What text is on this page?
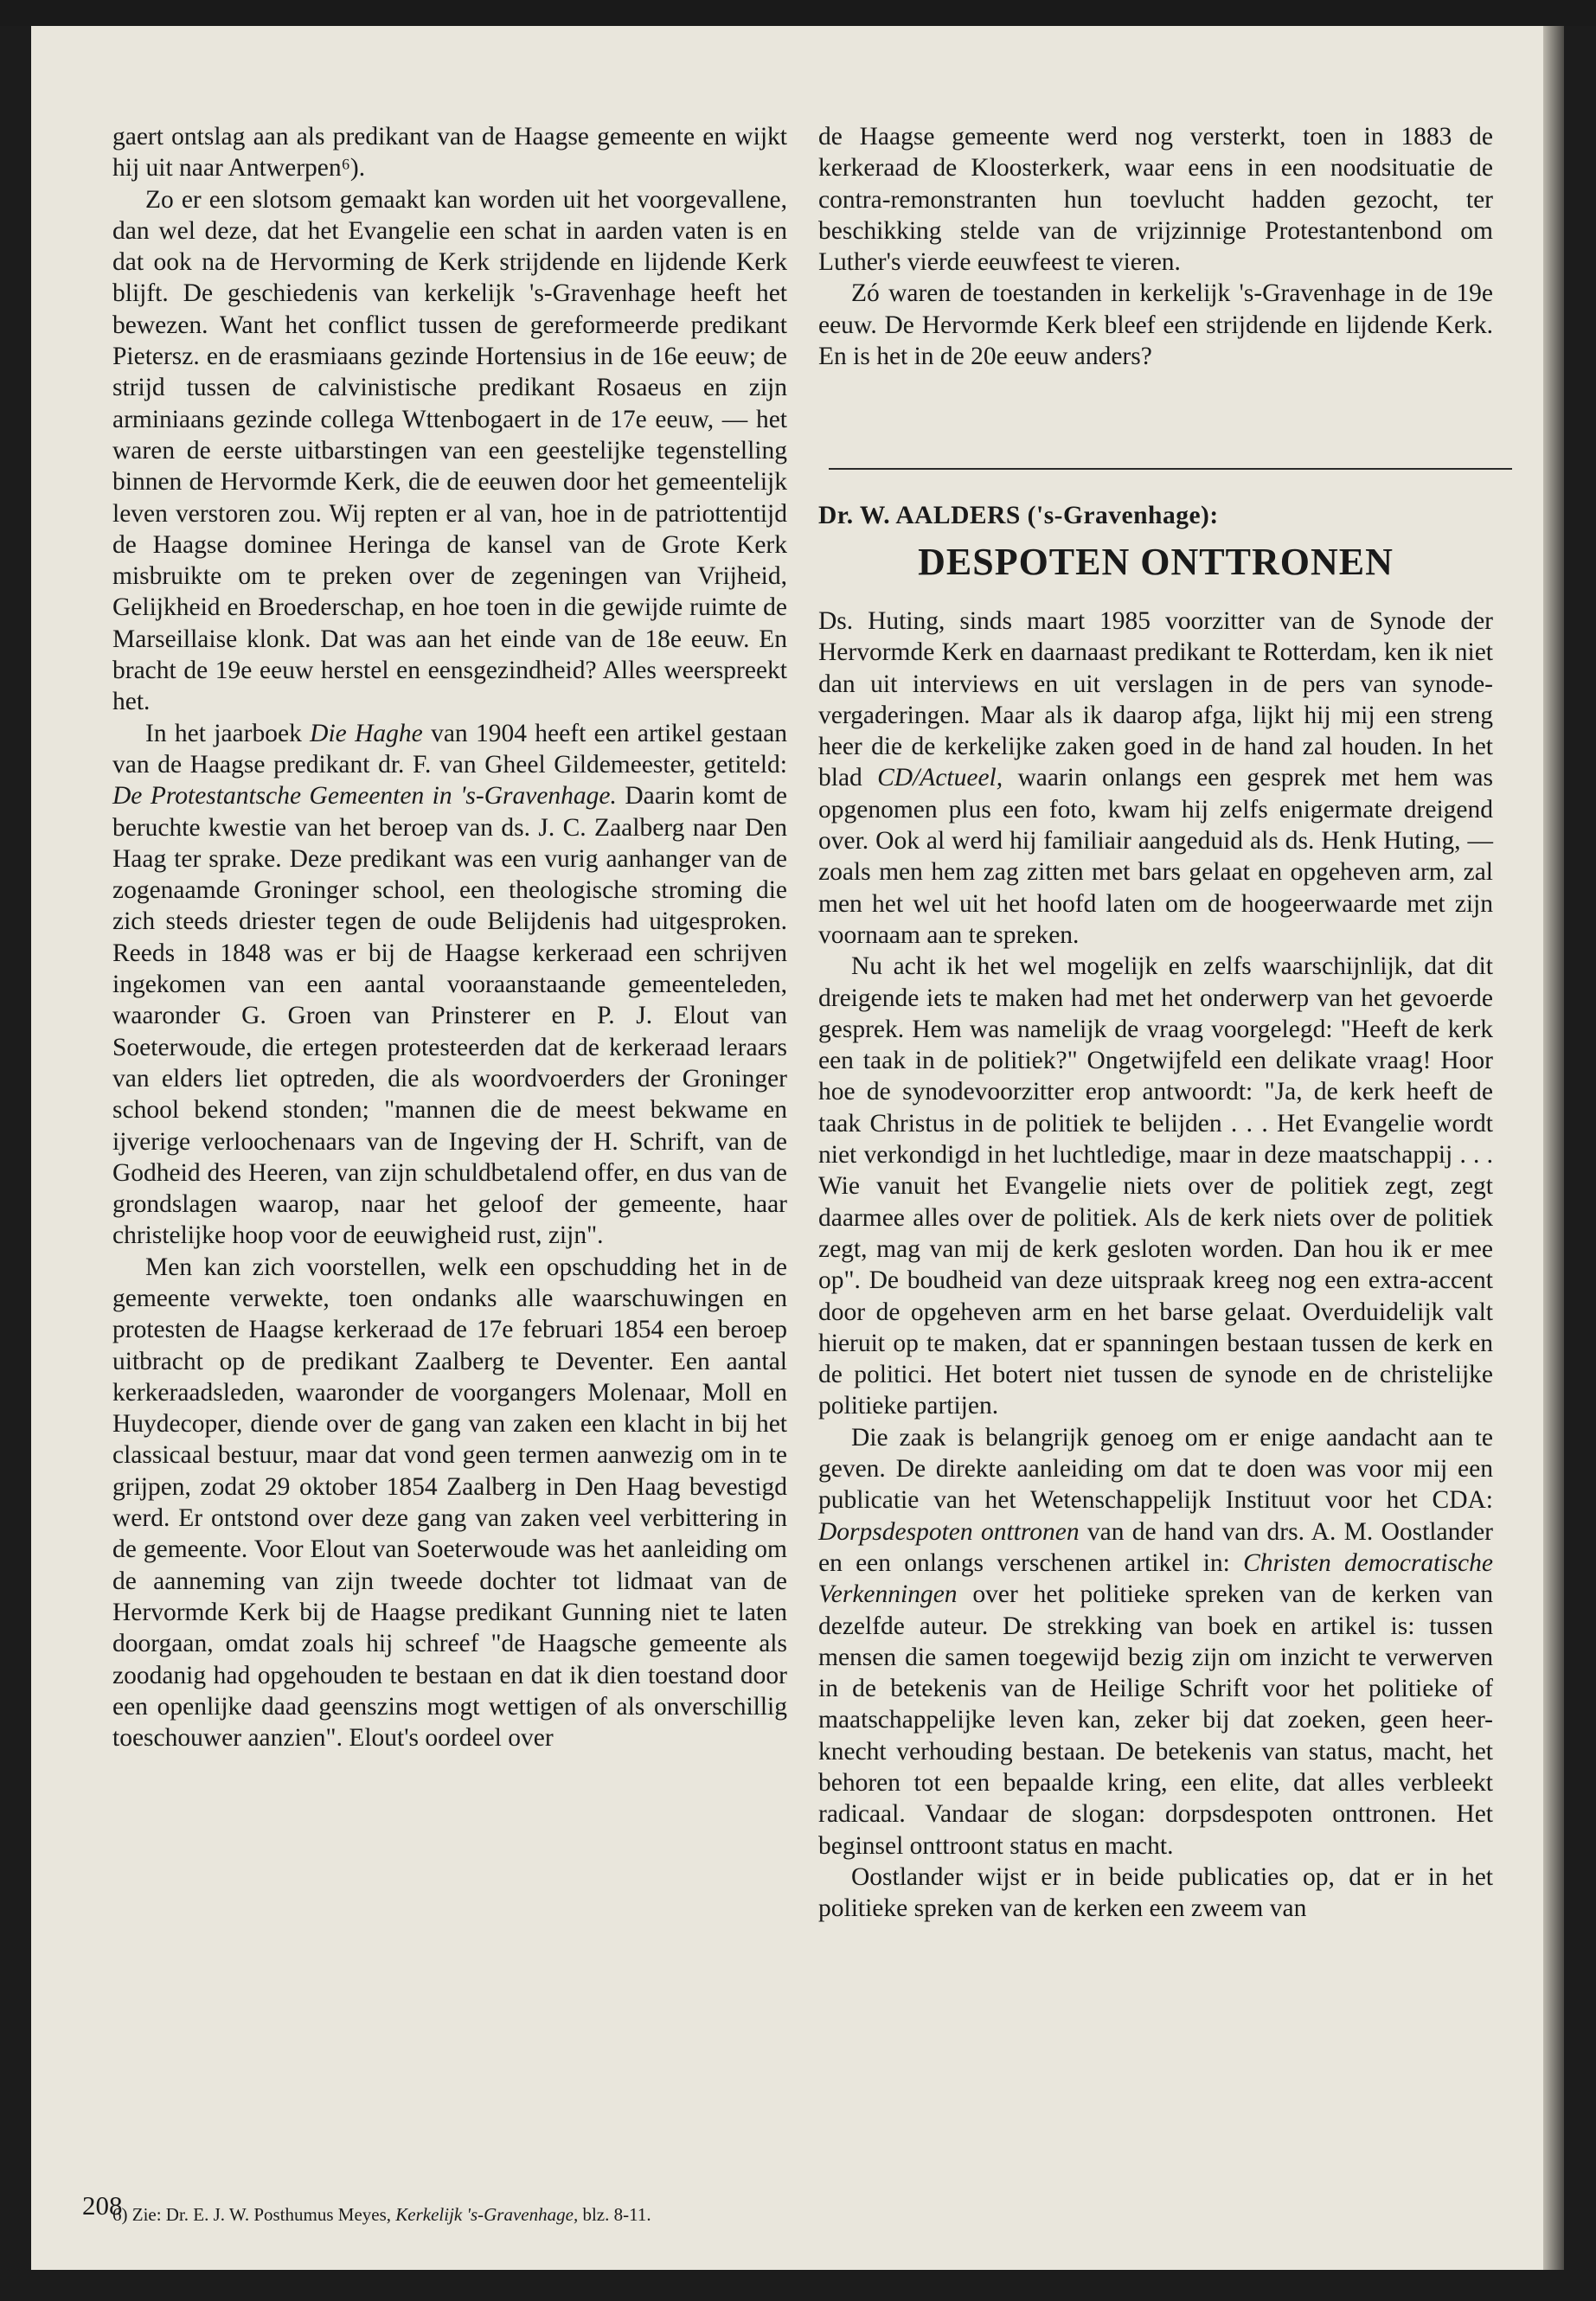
gaert ontslag aan als predikant van de Haagse gemeente en wijkt hij uit naar Antwerpen⁶).

Zo er een slotsom gemaakt kan worden uit het voorgevallene, dan wel deze, dat het Evangelie een schat in aarden vaten is en dat ook na de Hervorming de Kerk strijdende en lijdende Kerk blijft. De geschiedenis van kerkelijk 's-Gravenhage heeft het bewezen. Want het conflict tussen de gereformeerde predikant Pietersz. en de erasmiaans gezinde Hortensius in de 16e eeuw; de strijd tussen de calvinistische predikant Rosaeus en zijn arminiaans gezinde collega Wttenbogaert in de 17e eeuw, — het waren de eerste uitbarstingen van een geestelijke tegenstelling binnen de Hervormde Kerk, die de eeuwen door het gemeentelijk leven verstoren zou. Wij repten er al van, hoe in de patriottentijd de Haagse dominee Heringa de kansel van de Grote Kerk misbruikte om te preken over de zegeningen van Vrijheid, Gelijkheid en Broederschap, en hoe toen in die gewijde ruimte de Marseillaise klonk. Dat was aan het einde van de 18e eeuw. En bracht de 19e eeuw herstel en eensgezindheid? Alles weerspreekt het.

In het jaarboek Die Haghe van 1904 heeft een artikel gestaan van de Haagse predikant dr. F. van Gheel Gildemeester, getiteld: De Protestantsche Gemeenten in 's-Gravenhage. Daarin komt de beruchte kwestie van het beroep van ds. J. C. Zaalberg naar Den Haag ter sprake. Deze predikant was een vurig aanhanger van de zogenaamde Groninger school, een theologische stroming die zich steeds driester tegen de oude Belijdenis had uitgesproken. Reeds in 1848 was er bij de Haagse kerkeraad een schrijven ingekomen van een aantal vooraanstaande gemeenteleden, waaronder G. Groen van Prinsterer en P. J. Elout van Soeterwoude, die ertegen protesteerden dat de kerkeraad leraars van elders liet optreden, die als woordvoerders der Groninger school bekend stonden; "mannen die de meest bekwame en ijverige verloochenaars van de Ingeving der H. Schrift, van de Godheid des Heeren, van zijn schuldbetalend offer, en dus van de grondslagen waarop, naar het geloof der gemeente, haar christelijke hoop voor de eeuwigheid rust, zijn".

Men kan zich voorstellen, welk een opschudding het in de gemeente verwekte, toen ondanks alle waarschuwingen en protesten de Haagse kerkeraad de 17e februari 1854 een beroep uitbracht op de predikant Zaalberg te Deventer. Een aantal kerkeraadsleden, waaronder de voorgangers Molenaar, Moll en Huydecoper, diende over de gang van zaken een klacht in bij het classicaal bestuur, maar dat vond geen termen aanwezig om in te grijpen, zodat 29 oktober 1854 Zaalberg in Den Haag bevestigd werd. Er ontstond over deze gang van zaken veel verbittering in de gemeente. Voor Elout van Soeterwoude was het aanleiding om de aanneming van zijn tweede dochter tot lidmaat van de Hervormde Kerk bij de Haagse predikant Gunning niet te laten doorgaan, omdat zoals hij schreef "de Haagsche gemeente als zoodanig had opgehouden te bestaan en dat ik dien toestand door een openlijke daad geenszins mogt wettigen of als onverschillig toeschouwer aanzien". Elout's oordeel over

6) Zie: Dr. E. J. W. Posthumus Meyes, Kerkelijk 's-Gravenhage, blz. 8-11.
208

de Haagse gemeente werd nog versterkt, toen in 1883 de kerkeraad de Kloosterkerk, waar eens in een noodsituatie de contra-remonstranten hun toevlucht hadden gezocht, ter beschikking stelde van de vrijzinnige Protestantenbond om Luther's vierde eeuwfeest te vieren.

Zó waren de toestanden in kerkelijk 's-Gravenhage in de 19e eeuw. De Hervormde Kerk bleef een strijdende en lijdende Kerk. En is het in de 20e eeuw anders?

Dr. W. AALDERS ('s-Gravenhage):
DESPOTEN ONTTRONEN

Ds. Huting, sinds maart 1985 voorzitter van de Synode der Hervormde Kerk en daarnaast predikant te Rotterdam, ken ik niet dan uit interviews en uit verslagen in de pers van synode-vergaderingen. Maar als ik daarop afga, lijkt hij mij een streng heer die de kerkelijke zaken goed in de hand zal houden. In het blad CD/Actueel, waarin onlangs een gesprek met hem was opgenomen plus een foto, kwam hij zelfs enigermate dreigend over. Ook al werd hij familiair aangeduid als ds. Henk Huting, — zoals men hem zag zitten met bars gelaat en opgeheven arm, zal men het wel uit het hoofd laten om de hoogeerwaarde met zijn voornaam aan te spreken.

Nu acht ik het wel mogelijk en zelfs waarschijnlijk, dat dit dreigende iets te maken had met het onderwerp van het gevoerde gesprek. Hem was namelijk de vraag voorgelegd: "Heeft de kerk een taak in de politiek?" Ongetwijfeld een delikate vraag! Hoor hoe de synodevoorzitter erop antwoordt: "Ja, de kerk heeft de taak Christus in de politiek te belijden . . . Het Evangelie wordt niet verkondigd in het luchtledige, maar in deze maatschappij . . . Wie vanuit het Evangelie niets over de politiek zegt, zegt daarmee alles over de politiek. Als de kerk niets over de politiek zegt, mag van mij de kerk gesloten worden. Dan hou ik er mee op". De boudheid van deze uitspraak kreeg nog een extra-accent door de opgeheven arm en het barse gelaat. Overduidelijk valt hieruit op te maken, dat er spanningen bestaan tussen de kerk en de politici. Het botert niet tussen de synode en de christelijke politieke partijen.

Die zaak is belangrijk genoeg om er enige aandacht aan te geven. De direkte aanleiding om dat te doen was voor mij een publicatie van het Wetenschappelijk Instituut voor het CDA: Dorpsdespoten onttronen van de hand van drs. A. M. Oostlander en een onlangs verschenen artikel in: Christen democratische Verkenningen over het politieke spreken van de kerken van dezelfde auteur. De strekking van boek en artikel is: tussen mensen die samen toegewijd bezig zijn om inzicht te verwerven in de betekenis van de Heilige Schrift voor het politieke of maatschappelijke leven kan, zeker bij dat zoeken, geen heer-knecht verhouding bestaan. De betekenis van status, macht, het behoren tot een bepaalde kring, een elite, dat alles verbleekt radicaal. Vandaar de slogan: dorpsdespoten onttronen. Het beginsel onttroont status en macht.

Oostlander wijst er in beide publicaties op, dat er in het politieke spreken van de kerken een zweem van
